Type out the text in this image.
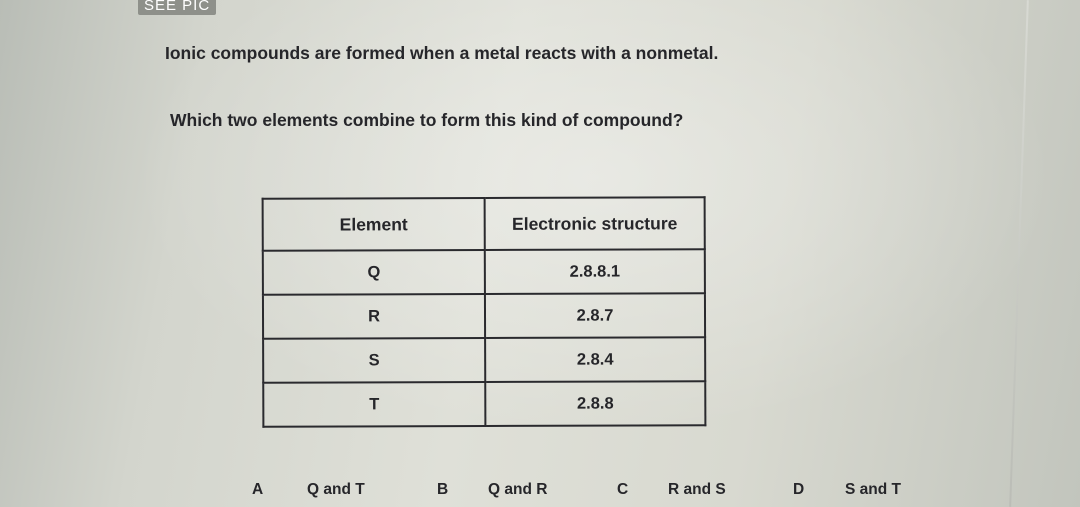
SEE PIC
Ionic compounds are formed when a metal reacts with a nonmetal.
Which two elements combine to form this kind of compound?
Element	Electronic structure
Q	2.8.8.1
R	2.8.7
S	2.8.4
T	2.8.8
A	Q and T	B	Q and R	C	R and S	D	S and T
